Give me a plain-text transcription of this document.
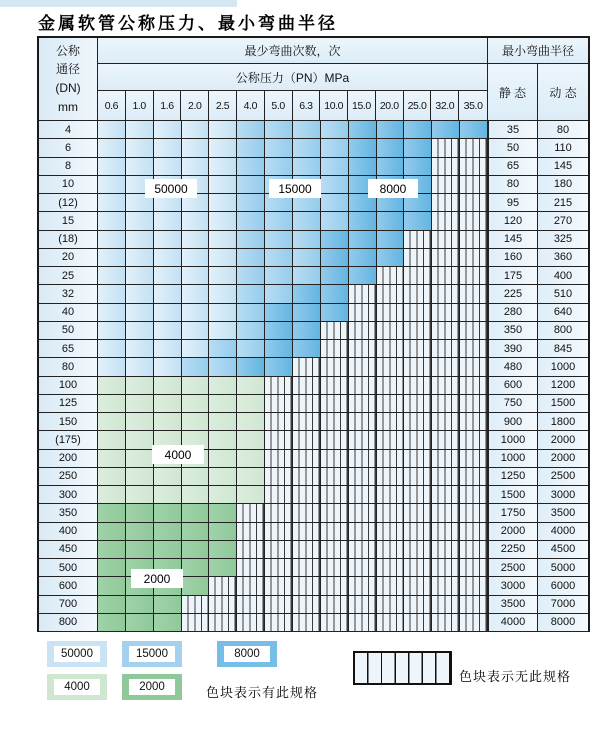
金属软管公称压力、最小弯曲半径
公称
通径
(DN)
mm
最少弯曲次数，次	最小弯曲半径
公称压力（PN）MPa
静 态	动 态
0.6	1.0	1.6	2.0	2.5	4.0	5.0	6.3	10.0 15.0 20.0 25.0 32.0 35.0
4	35	80
6	50	110
8	65	145
10	80	180
(12)	95	215
15	120	270
(18)	145	325
20	160	360
25	175	400
32	225	510
40	280	640
50	350	800
65	390	845
80	480	1000
100	600	1200
125	750	1500
150	900	1800
(175)	1000	2000
200	1000	2000
250	1250	2500
300	1500	3000
350	1750	3500
400	2000	4000
450	2250	4500
500	2500	5000
600	3000	6000
700	3500	7000
800	4000	8000
50000	15000	8000
4000
2000
50000	15000	8000
4000	2000	色块表示有此规格
色块表示无此规格
